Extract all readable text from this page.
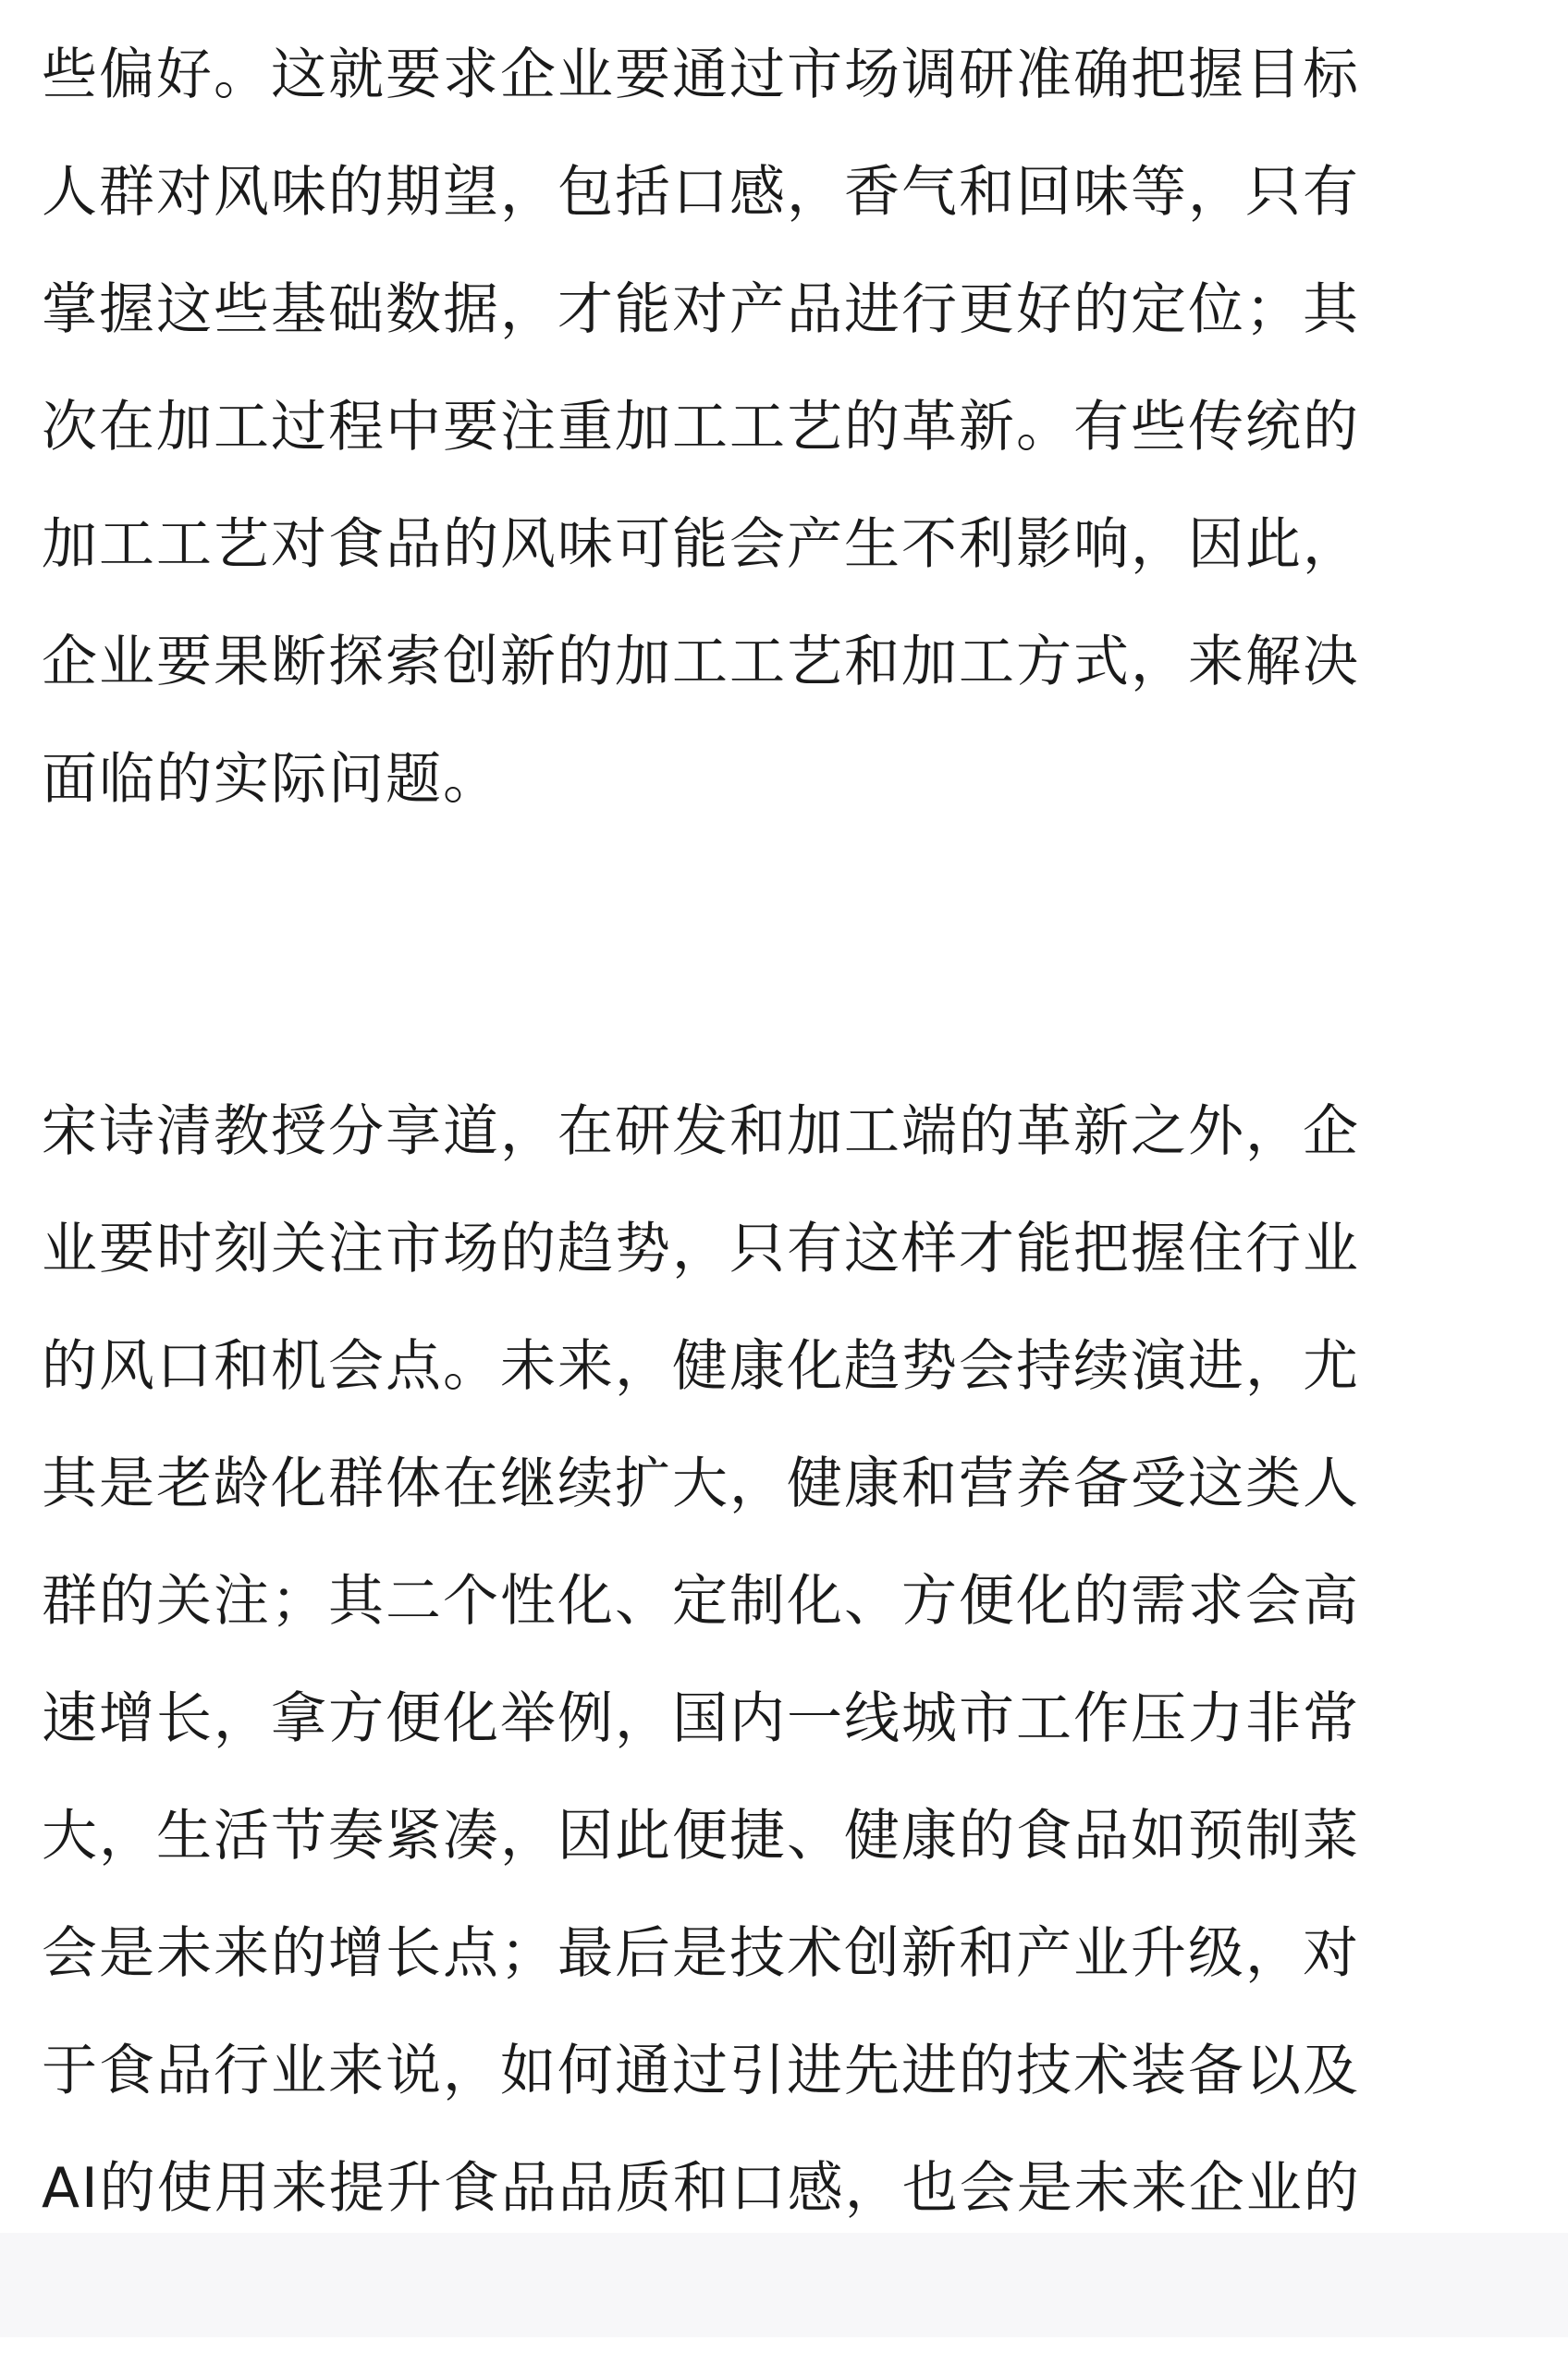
些偏好。这就要求企业要通过市场调研准确把握目标
人群对风味的期望，包括口感，香气和回味等，只有
掌握这些基础数据，才能对产品进行更好的定位；其
次在加工过程中要注重加工工艺的革新。有些传统的
加工工艺对食品的风味可能会产生不利影响，因此，
企业要果断探索创新的加工工艺和加工方式，来解决
面临的实际问题。

宋诗清教授分享道，在研发和加工端的革新之外，企
业要时刻关注市场的趋势，只有这样才能把握住行业
的风口和机会点。未来，健康化趋势会持续演进，尤
其是老龄化群体在继续扩大，健康和营养备受这类人
群的关注；其二个性化、定制化、方便化的需求会高
速增长，拿方便化举例，国内一线城市工作压力非常
大，生活节奏紧凑，因此便捷、健康的食品如预制菜
会是未来的增长点；最后是技术创新和产业升级，对
于食品行业来说，如何通过引进先进的技术装备以及
AI的使用来提升食品品质和口感，也会是未来企业的
